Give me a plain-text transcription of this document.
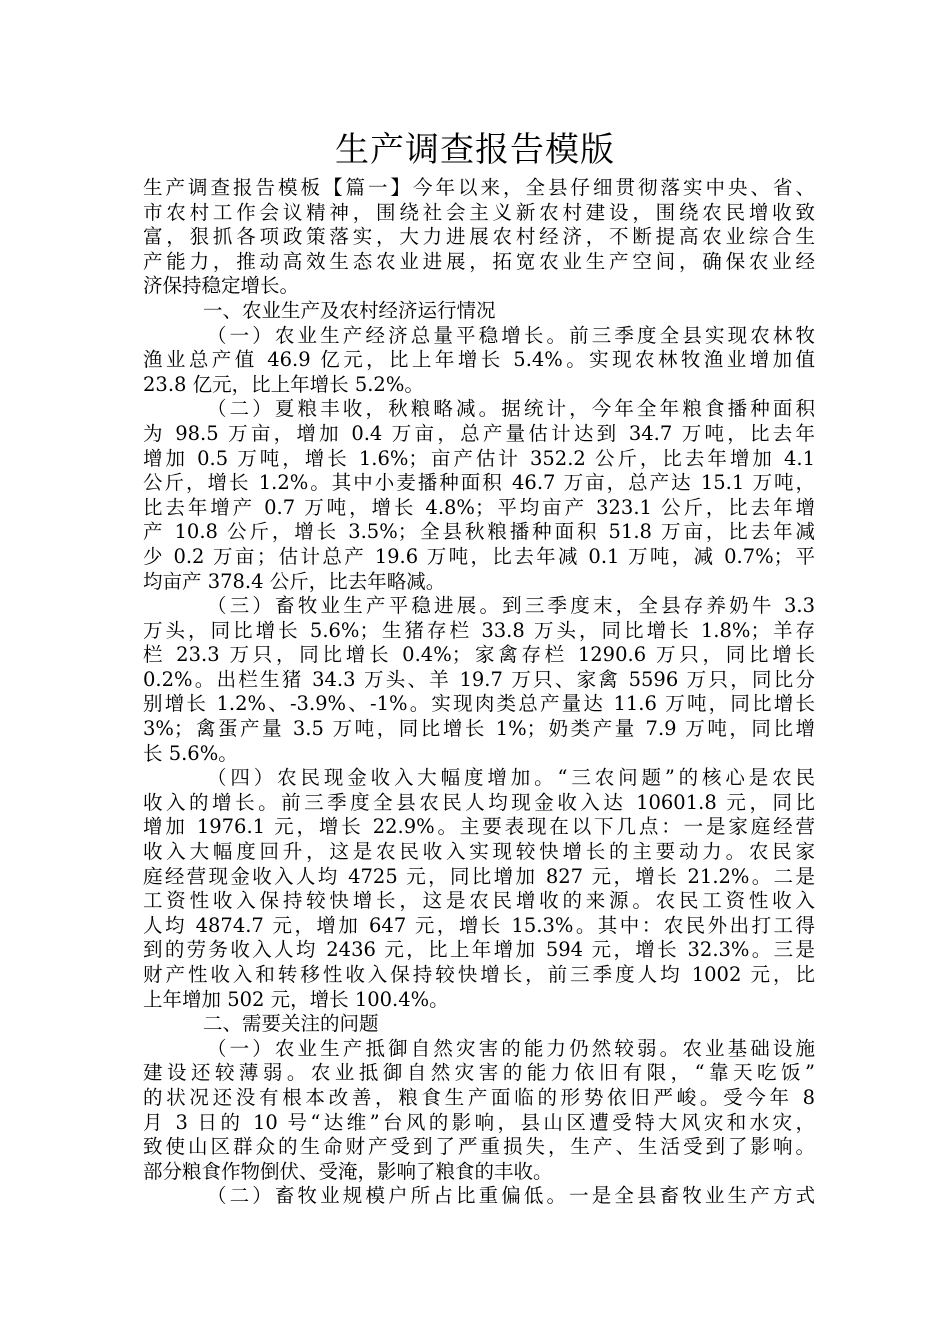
生产调查报告模版
生产调查报告模板【篇一】今年以来，全县仔细贯彻落实中央、省、
市农村工作会议精神，围绕社会主义新农村建设，围绕农民增收致
富，狠抓各项政策落实，大力进展农村经济，不断提高农业综合生
产能力，推动高效生态农业进展，拓宽农业生产空间，确保农业经
济保持稳定增长。
一、农业生产及农村经济运行情况
（一）农业生产经济总量平稳增长。前三季度全县实现农林牧
渔业总产值 46.9 亿元，比上年增长 5.4%。实现农林牧渔业增加值
23.8 亿元，比上年增长 5.2%。
（二）夏粮丰收，秋粮略减。据统计，今年全年粮食播种面积
为 98.5 万亩，增加 0.4 万亩，总产量估计达到 34.7 万吨，比去年
增加 0.5 万吨，增长 1.6%；亩产估计 352.2 公斤，比去年增加 4.1
公斤，增长 1.2%。其中小麦播种面积 46.7 万亩，总产达 15.1 万吨，
比去年增产 0.7 万吨，增长 4.8%；平均亩产 323.1 公斤，比去年增
产 10.8 公斤，增长 3.5%；全县秋粮播种面积 51.8 万亩，比去年减
少 0.2 万亩；估计总产 19.6 万吨，比去年减 0.1 万吨，减 0.7%；平
均亩产 378.4 公斤，比去年略减。
（三）畜牧业生产平稳进展。到三季度末，全县存养奶牛 3.3
万头，同比增长 5.6%；生猪存栏 33.8 万头，同比增长 1.8%；羊存
栏 23.3 万只，同比增长 0.4%；家禽存栏 1290.6 万只，同比增长
0.2%。出栏生猪 34.3 万头、羊 19.7 万只、家禽 5596 万只，同比分
别增长 1.2%、-3.9%、-1%。实现肉类总产量达 11.6 万吨，同比增长
3%；禽蛋产量 3.5 万吨，同比增长 1%；奶类产量 7.9 万吨，同比增
长 5.6%。
（四）农民现金收入大幅度增加。“三农问题”的核心是农民
收入的增长。前三季度全县农民人均现金收入达 10601.8 元，同比
增加 1976.1 元，增长 22.9%。主要表现在以下几点：一是家庭经营
收入大幅度回升，这是农民收入实现较快增长的主要动力。农民家
庭经营现金收入人均 4725 元，同比增加 827 元，增长 21.2%。二是
工资性收入保持较快增长，这是农民增收的来源。农民工资性收入
人均 4874.7 元，增加 647 元，增长 15.3%。其中：农民外出打工得
到的劳务收入人均 2436 元，比上年增加 594 元，增长 32.3%。三是
财产性收入和转移性收入保持较快增长，前三季度人均 1002 元，比
上年增加 502 元，增长 100.4%。
二、需要关注的问题
（一）农业生产抵御自然灾害的能力仍然较弱。农业基础设施
建设还较薄弱。农业抵御自然灾害的能力依旧有限，“靠天吃饭”
的状况还没有根本改善，粮食生产面临的形势依旧严峻。受今年 8
月 3 日的 10 号“达维”台风的影响，县山区遭受特大风灾和水灾，
致使山区群众的生命财产受到了严重损失，生产、生活受到了影响。
部分粮食作物倒伏、受淹，影响了粮食的丰收。
（二）畜牧业规模户所占比重偏低。一是全县畜牧业生产方式
